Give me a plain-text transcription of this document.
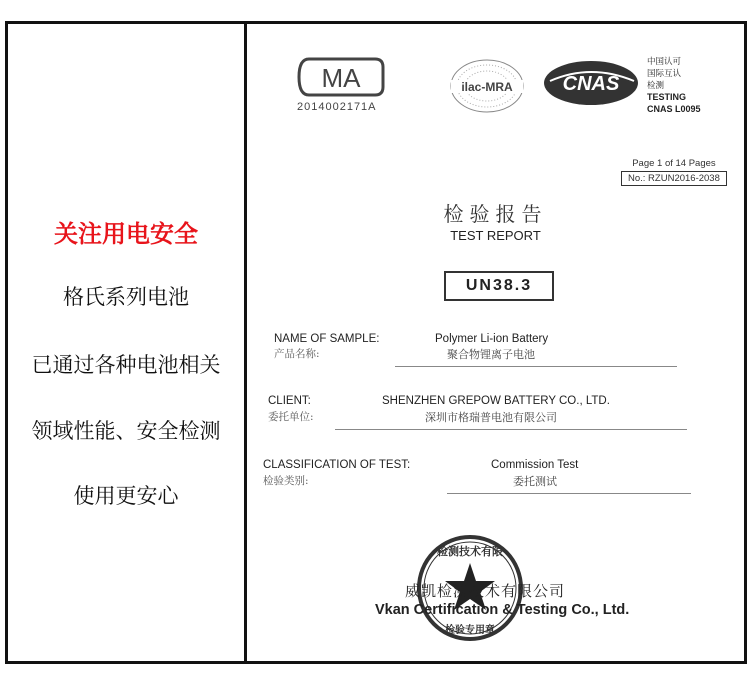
关注用电安全
格氏系列电池
已通过各种电池相关
领域性能、安全检测
使用更安心
MA
2014002171A
ilac-MRA CNAS
中国认可
国际互认
检测
TESTING
CNAS L0095
Page 1 of 14 Pages
No.: RZUN2016-2038
检验报告
TEST REPORT
UN38.3
NAME OF SAMPLE:
产品名称:
Polymer Li-ion Battery
聚合物锂离子电池
CLIENT:
委托单位:
SHENZHEN GREPOW BATTERY CO., LTD.
深圳市格瑞普电池有限公司
CLASSIFICATION OF TEST:
检验类别:
Commission Test
委托测试
检测技术有限
检验专用章
威凯检测技术有限公司
Vkan Certification & Testing Co., Ltd.
